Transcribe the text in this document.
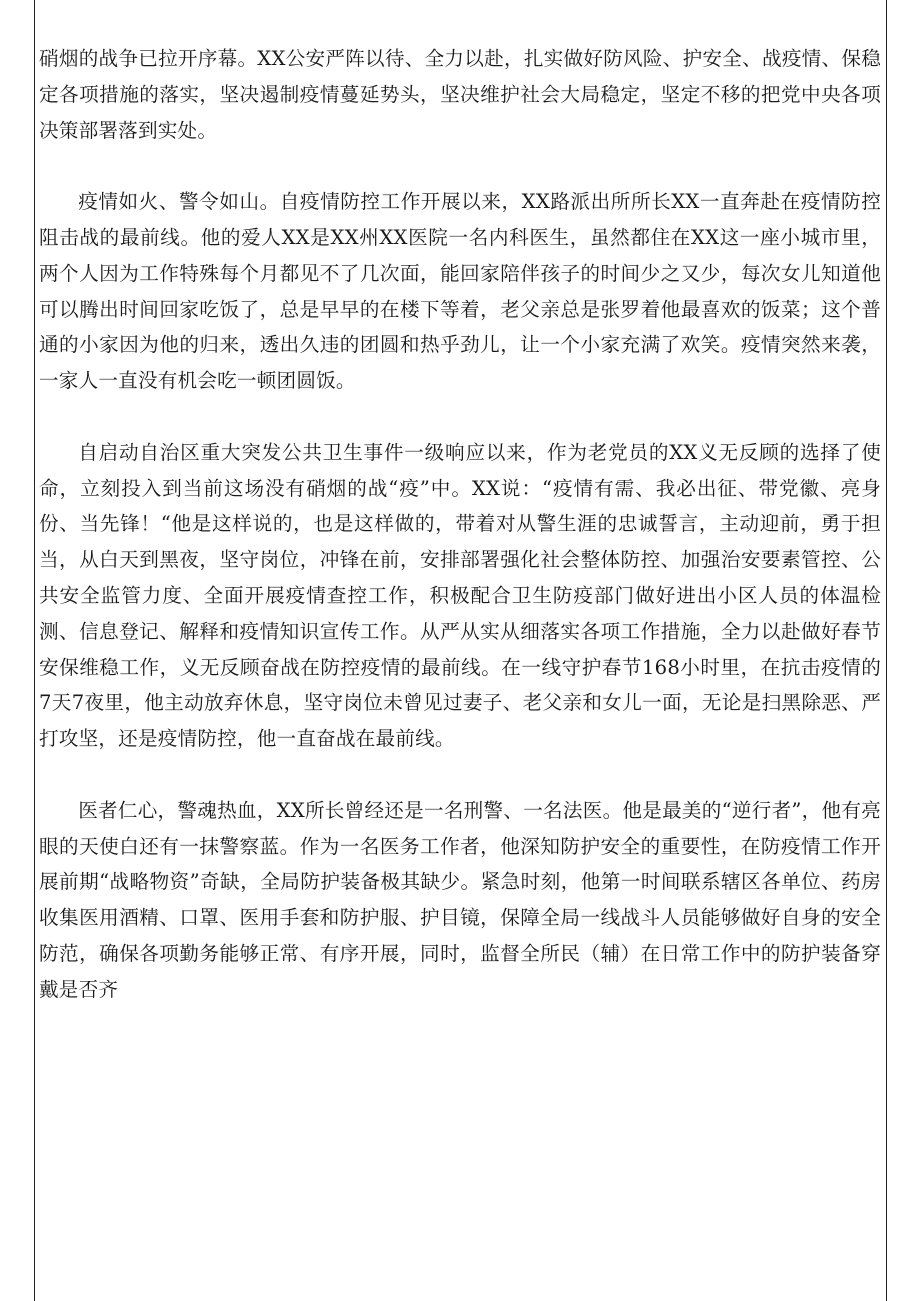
硝烟的战争已拉开序幕。XX公安严阵以待、全力以赴，扎实做好防风险、护安全、战疫情、保稳定各项措施的落实，坚决遏制疫情蔓延势头，坚决维护社会大局稳定，坚定不移的把党中央各项决策部署落到实处。

疫情如火、警令如山。自疫情防控工作开展以来，XX路派出所所长XX一直奔赴在疫情防控阻击战的最前线。他的爱人XX是XX州XX医院一名内科医生，虽然都住在XX这一座小城市里，两个人因为工作特殊每个月都见不了几次面，能回家陪伴孩子的时间少之又少，每次女儿知道他可以腾出时间回家吃饭了，总是早早的在楼下等着，老父亲总是张罗着他最喜欢的饭菜；这个普通的小家因为他的归来，透出久违的团圆和热乎劲儿，让一个小家充满了欢笑。疫情突然来袭，一家人一直没有机会吃一顿团圆饭。

自启动自治区重大突发公共卫生事件一级响应以来，作为老党员的XX义无反顾的选择了使命，立刻投入到当前这场没有硝烟的战“疫”中。XX说：“疫情有需、我必出征、带党徽、亮身份、当先锋！“他是这样说的，也是这样做的，带着对从警生涯的忠诚誓言，主动迎前，勇于担当，从白天到黑夜，坚守岗位，冲锋在前，安排部署强化社会整体防控、加强治安要素管控、公共安全监管力度、全面开展疫情查控工作，积极配合卫生防疫部门做好进出小区人员的体温检测、信息登记、解释和疫情知识宣传工作。从严从实从细落实各项工作措施，全力以赴做好春节安保维稳工作，义无反顾奋战在防控疫情的最前线。在一线守护春节168小时里，在抗击疫情的7天7夜里，他主动放弃休息，坚守岗位未曾见过妻子、老父亲和女儿一面，无论是扫黑除恶、严打攻坚，还是疫情防控，他一直奋战在最前线。

医者仁心，警魂热血，XX所长曾经还是一名刑警、一名法医。他是最美的“逆行者”，他有亮眼的天使白还有一抹警察蓝。作为一名医务工作者，他深知防护安全的重要性，在防疫情工作开展前期“战略物资”奇缺，全局防护装备极其缺少。紧急时刻，他第一时间联系辖区各单位、药房收集医用酒精、口罩、医用手套和防护服、护目镜，保障全局一线战斗人员能够做好自身的安全防范，确保各项勤务能够正常、有序开展，同时，监督全所民（辅）在日常工作中的防护装备穿戴是否齐
